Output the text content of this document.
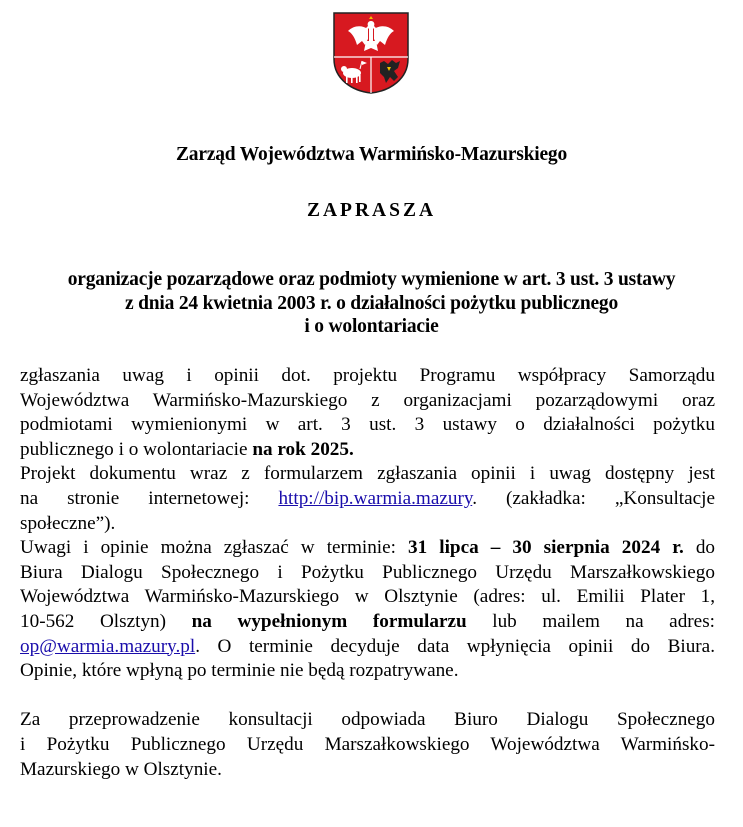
Zarząd Województwa Warmińsko-Mazurskiego
ZAPRASZA
organizacje pozarządowe oraz podmioty wymienione w art. 3 ust. 3 ustawy
z dnia 24 kwietnia 2003 r. o działalności pożytku publicznego
i o wolontariacie
zgłaszania uwag i opinii dot. projektu Programu współpracy Samorządu
Województwa Warmińsko-Mazurskiego z organizacjami pozarządowymi oraz
podmiotami wymienionymi w art. 3 ust. 3 ustawy o działalności pożytku
publicznego i o wolontariacie na rok 2025.
Projekt dokumentu wraz z formularzem zgłaszania opinii i uwag dostępny jest
na stronie internetowej: http://bip.warmia.mazury. (zakładka: „Konsultacje
społeczne”).
Uwagi i opinie można zgłaszać w terminie: 31 lipca – 30 sierpnia 2024 r. do
Biura Dialogu Społecznego i Pożytku Publicznego Urzędu Marszałkowskiego
Województwa Warmińsko-Mazurskiego w Olsztynie (adres: ul. Emilii Plater 1,
10-562 Olsztyn) na wypełnionym formularzu lub mailem na adres:
op@warmia.mazury.pl. O terminie decyduje data wpłynięcia opinii do Biura.
Opinie, które wpłyną po terminie nie będą rozpatrywane.
Za przeprowadzenie konsultacji odpowiada Biuro Dialogu Społecznego
i Pożytku Publicznego Urzędu Marszałkowskiego Województwa Warmińsko-
Mazurskiego w Olsztynie.
